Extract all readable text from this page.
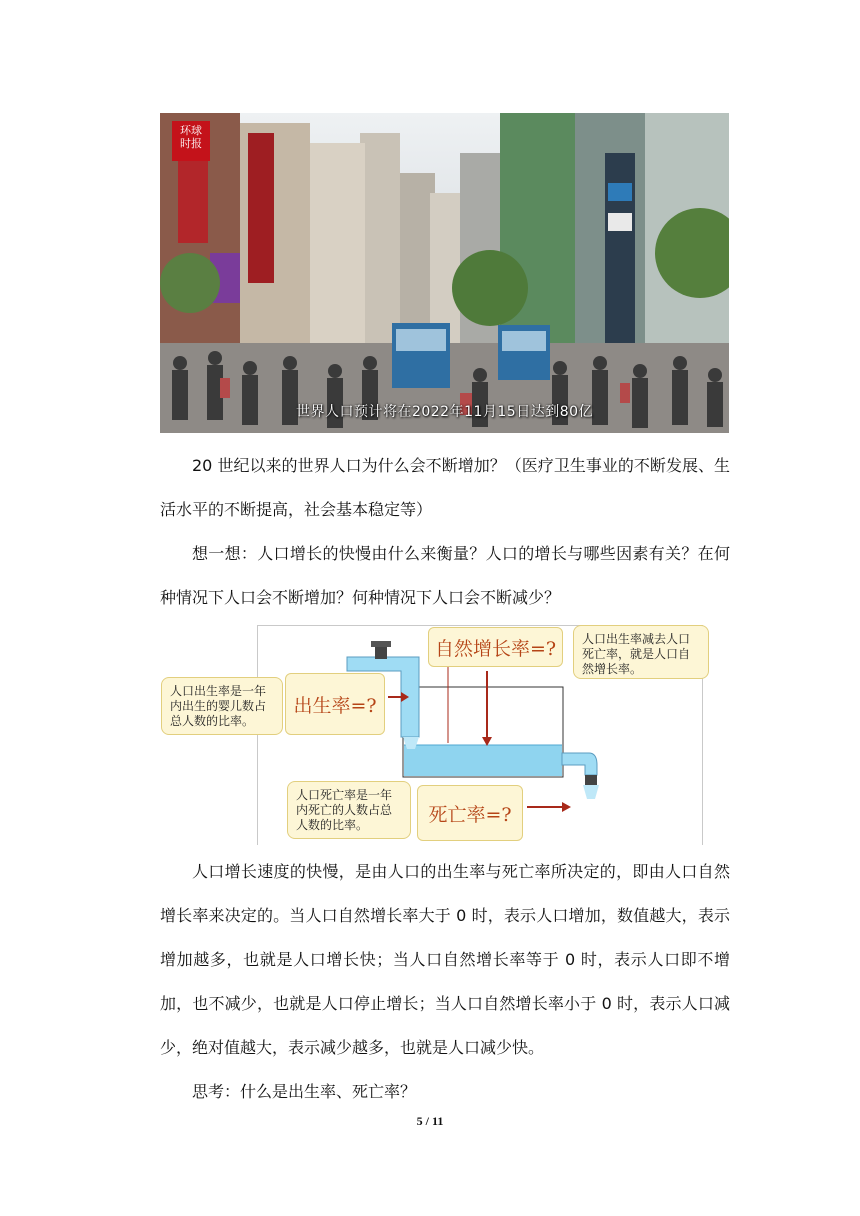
环球时报
世界人口预计将在2022年11月15日达到80亿

20 世纪以来的世界人口为什么会不断增加？（医疗卫生事业的不断发展、生活水平的不断提高，社会基本稳定等）

想一想：人口增长的快慢由什么来衡量？人口的增长与哪些因素有关？在何种情况下人口会不断增加？何种情况下人口会不断减少？

自然增长率=?	人口出生率减去人口死亡率，就是人口自然增长率。
人口出生率是一年内出生的婴儿数占总人数的比率。
出生率=?
人口死亡率是一年内死亡的人数占总人数的比率。	死亡率=?

人口增长速度的快慢，是由人口的出生率与死亡率所决定的，即由人口自然增长率来决定的。当人口自然增长率大于 0 时，表示人口增加，数值越大，表示增加越多，也就是人口增长快；当人口自然增长率等于 0 时，表示人口即不增加，也不减少，也就是人口停止增长；当人口自然增长率小于 0 时，表示人口减少，绝对值越大，表示减少越多，也就是人口减少快。

思考：什么是出生率、死亡率？

5 / 11
